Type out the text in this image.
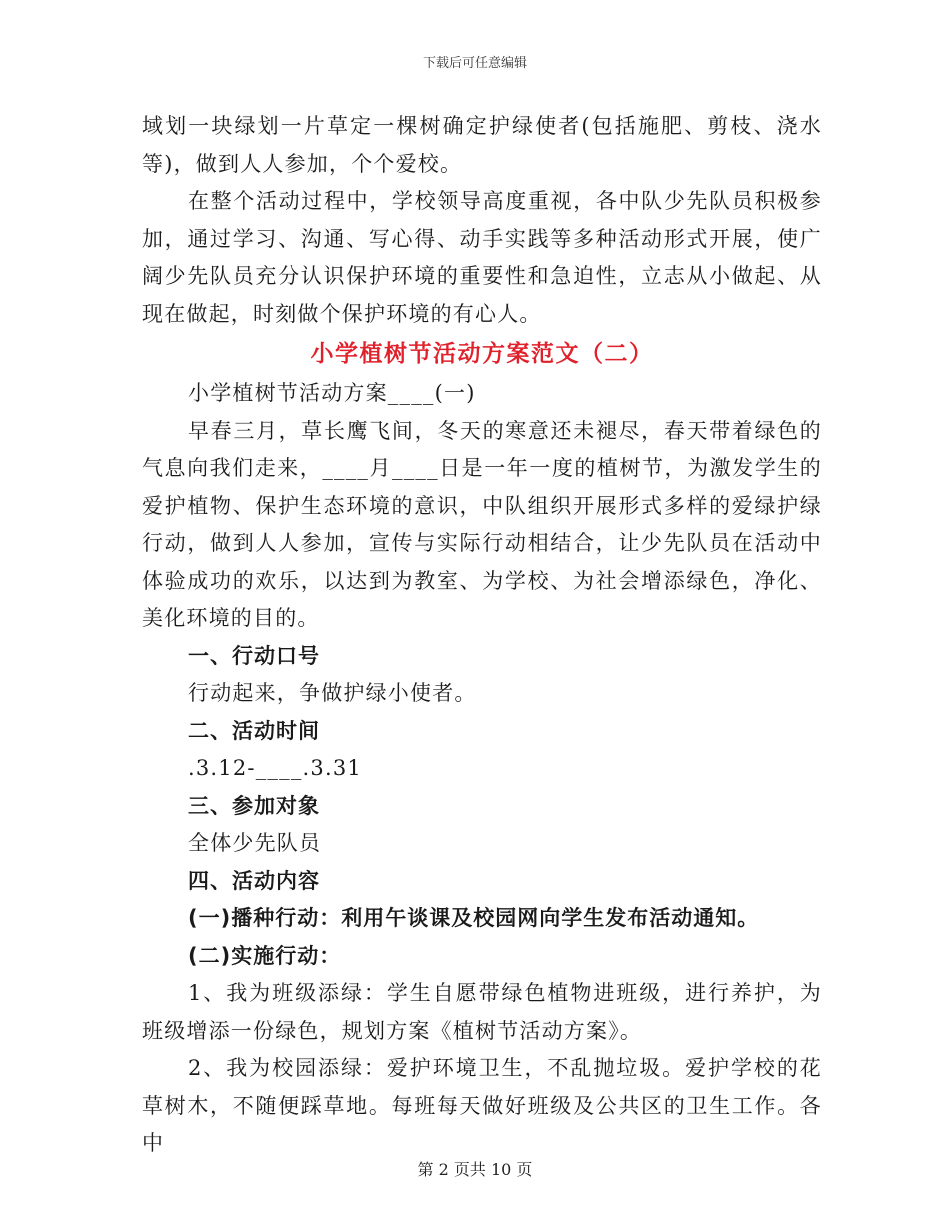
下载后可任意编辑

域划一块绿划一片草定一棵树确定护绿使者(包括施肥、剪枝、浇水等)，做到人人参加，个个爱校。

在整个活动过程中，学校领导高度重视，各中队少先队员积极参加，通过学习、沟通、写心得、动手实践等多种活动形式开展，使广阔少先队员充分认识保护环境的重要性和急迫性，立志从小做起、从现在做起，时刻做个保护环境的有心人。

小学植树节活动方案范文（二）

小学植树节活动方案____(一)

早春三月，草长鹰飞间，冬天的寒意还未褪尽，春天带着绿色的气息向我们走来，____月____日是一年一度的植树节，为激发学生的爱护植物、保护生态环境的意识，中队组织开展形式多样的爱绿护绿行动，做到人人参加，宣传与实际行动相结合，让少先队员在活动中体验成功的欢乐，以达到为教室、为学校、为社会增添绿色，净化、美化环境的目的。

一、行动口号

行动起来，争做护绿小使者。

二、活动时间

.3.12-____.3.31

三、参加对象

全体少先队员

四、活动内容

(一)播种行动：利用午谈课及校园网向学生发布活动通知。

(二)实施行动：

1、我为班级添绿：学生自愿带绿色植物进班级，进行养护，为班级增添一份绿色，规划方案《植树节活动方案》。

2、我为校园添绿：爱护环境卫生，不乱抛垃圾。爱护学校的花草树木，不随便踩草地。每班每天做好班级及公共区的卫生工作。各中

第 2 页共 10 页
